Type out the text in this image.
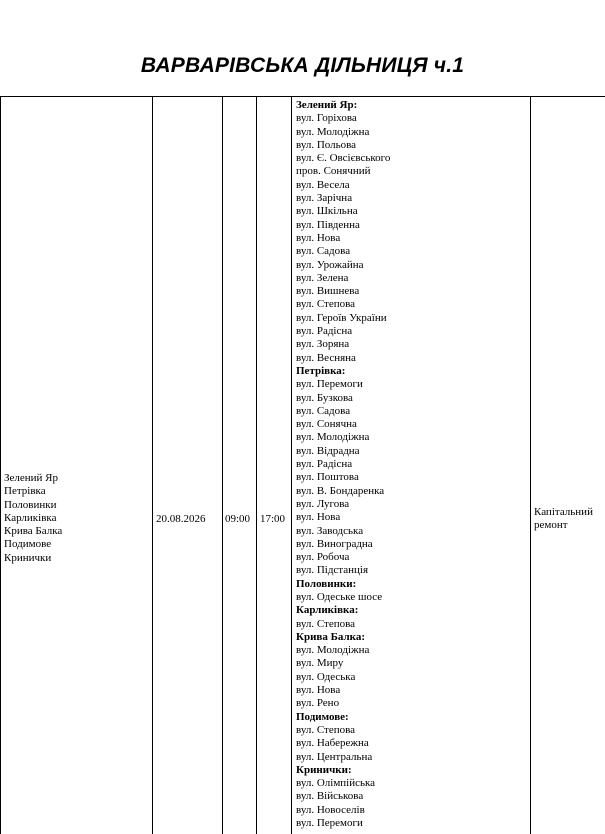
ВАРВАРІВСЬКА ДІЛЬНИЦЯ ч.1
Зелений Яр
Петрівка
Половинки
Карликівка
Крива Балка
Подимове
Кринички
20.08.2026 09:00 17:00
Зелений Яр:
вул. Горіхова
вул. Молодіжна
вул. Польова
вул. Є. Овсієвського
пров. Сонячний
вул. Весела
вул. Зарічна
вул. Шкільна
вул. Південна
вул. Нова
вул. Садова
вул. Урожайна
вул. Зелена
вул. Вишнева
вул. Степова
вул. Героїв України
вул. Радісна
вул. Зоряна
вул. Весняна
Петрівка:
вул. Перемоги
вул. Бузкова
вул. Садова
вул. Сонячна
вул. Молодіжна
вул. Відрадна
вул. Радісна
вул. Поштова
вул. В. Бондаренка
вул. Лугова
вул. Нова
вул. Заводська
вул. Виноградна
вул. Робоча
вул. Підстанція
Половинки:
вул. Одеське шосе
Карликівка:
вул. Степова
Крива Балка:
вул. Молодіжна
вул. Миру
вул. Одеська
вул. Нова
вул. Рено
Подимове:
вул. Степова
вул. Набережна
вул. Центральна
Кринички:
вул. Олімпійська
вул. Військова
вул. Новоселів
вул. Перемоги
Капітальний
ремонт
